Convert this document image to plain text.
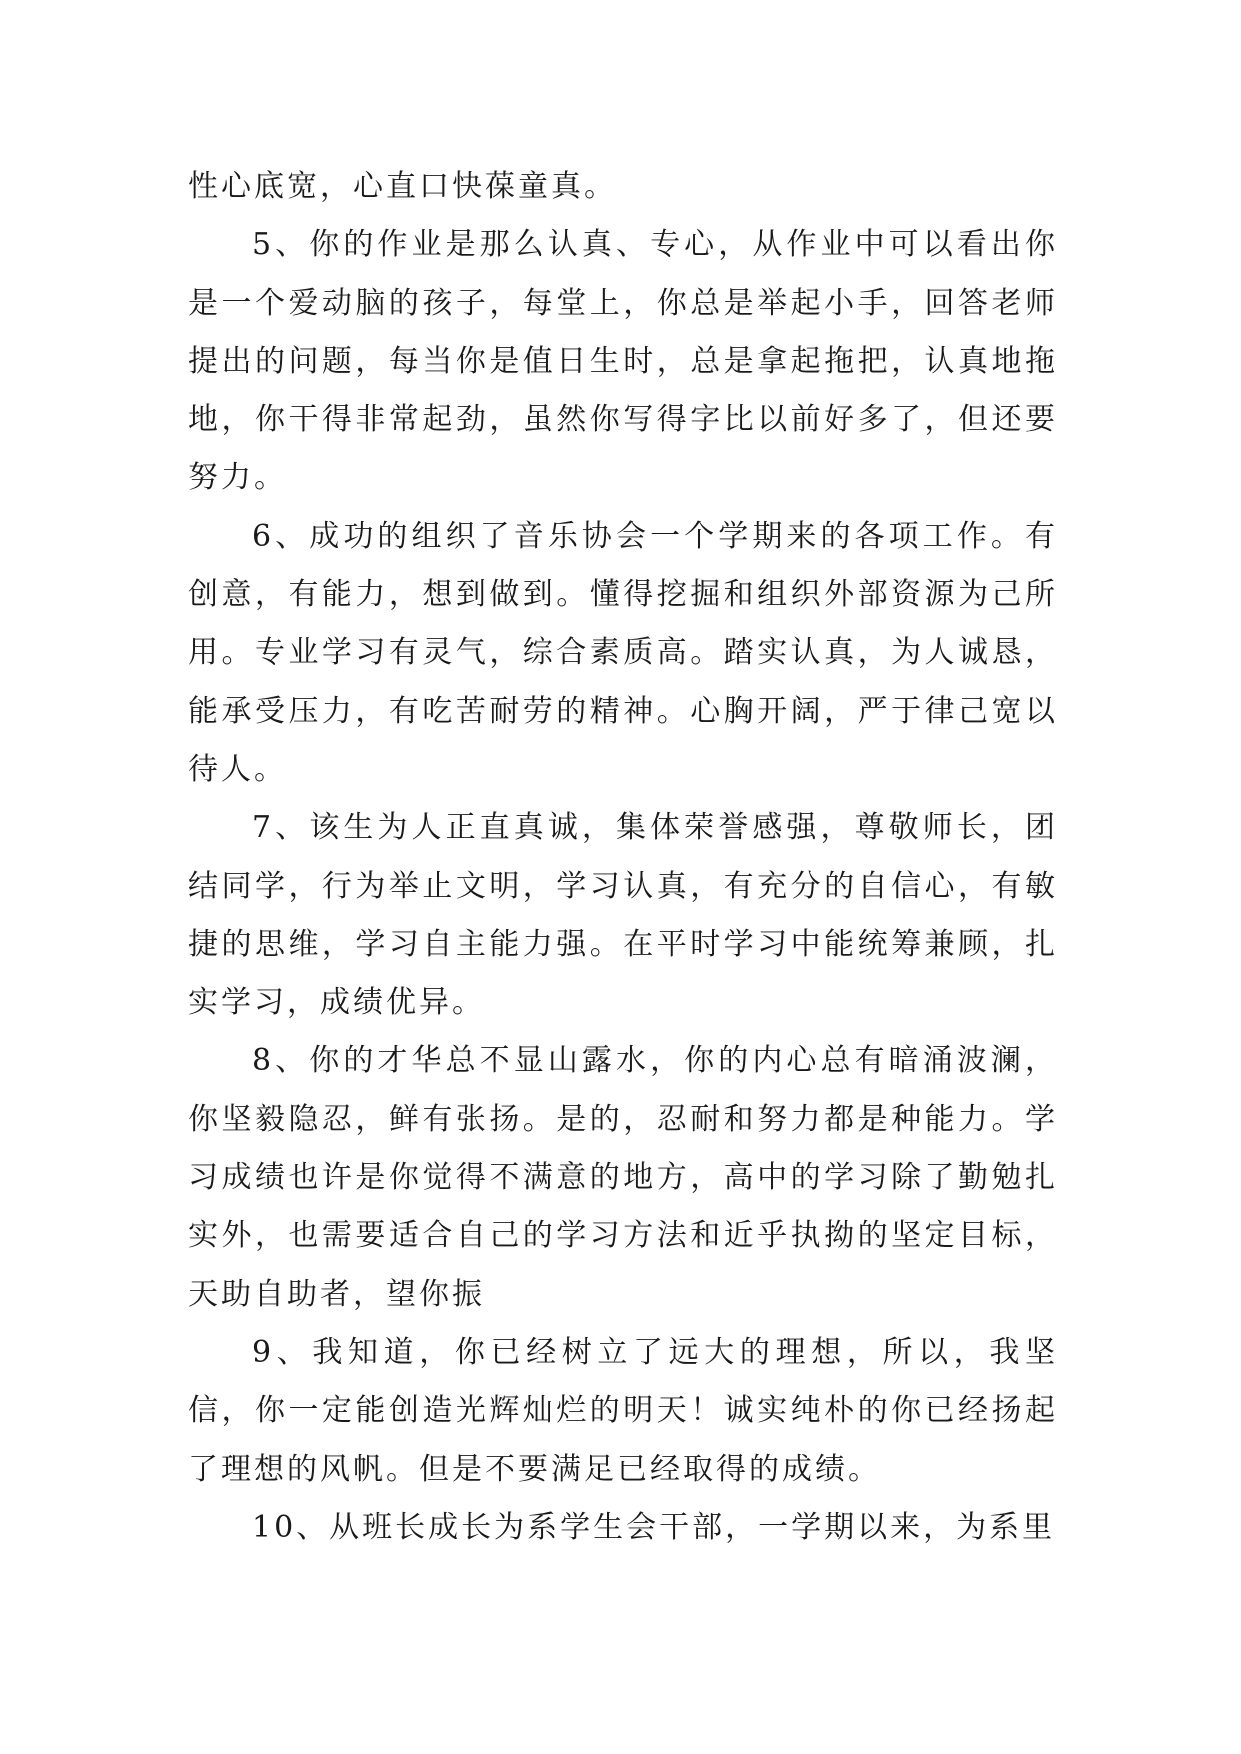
性心底宽，心直口快葆童真。

5、你的作业是那么认真、专心，从作业中可以看出你是一个爱动脑的孩子，每堂上，你总是举起小手，回答老师提出的问题，每当你是值日生时，总是拿起拖把，认真地拖地，你干得非常起劲，虽然你写得字比以前好多了，但还要努力。

6、成功的组织了音乐协会一个学期来的各项工作。有创意，有能力，想到做到。懂得挖掘和组织外部资源为己所用。专业学习有灵气，综合素质高。踏实认真，为人诚恳，能承受压力，有吃苦耐劳的精神。心胸开阔，严于律己宽以待人。

7、该生为人正直真诚，集体荣誉感强，尊敬师长，团结同学，行为举止文明，学习认真，有充分的自信心，有敏捷的思维，学习自主能力强。在平时学习中能统筹兼顾，扎实学习，成绩优异。

8、你的才华总不显山露水，你的内心总有暗涌波澜，你坚毅隐忍，鲜有张扬。是的，忍耐和努力都是种能力。学习成绩也许是你觉得不满意的地方，高中的学习除了勤勉扎实外，也需要适合自己的学习方法和近乎执拗的坚定目标，天助自助者，望你振

9、我知道，你已经树立了远大的理想，所以，我坚信，你一定能创造光辉灿烂的明天！诚实纯朴的你已经扬起了理想的风帆。但是不要满足已经取得的成绩。

10、从班长成长为系学生会干部，一学期以来，为系里
